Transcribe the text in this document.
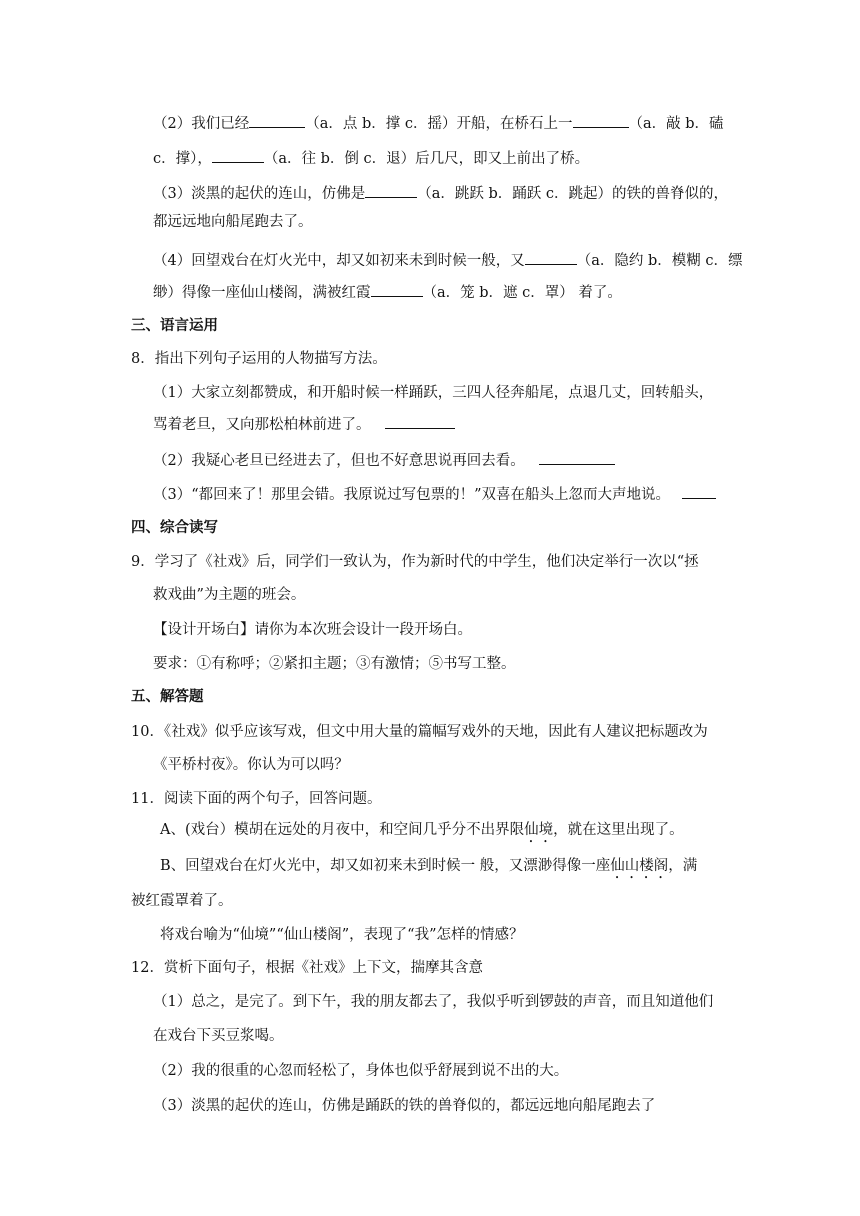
（2）我们已经	（a．点 b．撑 c．摇）开船，在桥石上一	（a．敲 b．磕
c．撑），	（a．往 b．倒 c．退）后几尺，即又上前出了桥。
（3）淡黑的起伏的连山，仿佛是	（a．跳跃 b．踊跃 c．跳起）的铁的兽脊似的，
都远远地向船尾跑去了。
（4）回望戏台在灯火光中，却又如初来未到时候一般，又	（a．隐约 b．模糊 c．缥
缈）得像一座仙山楼阁，满被红霞	（a．笼 b．遮 c．罩） 着了。
三、语言运用
8．指出下列句子运用的人物描写方法。
（1）大家立刻都赞成，和开船时候一样踊跃，三四人径奔船尾，点退几丈，回转船头，
骂着老旦，又向那松柏林前进了。
（2）我疑心老旦已经进去了，但也不好意思说再回去看。
（3）“都回来了！那里会错。我原说过写包票的！”双喜在船头上忽而大声地说。
四、综合读写
9．学习了《社戏》后，同学们一致认为，作为新时代的中学生，他们决定举行一次以“拯
救戏曲”为主题的班会。
【设计开场白】请你为本次班会设计一段开场白。
要求：①有称呼；②紧扣主题；③有激情；⑤书写工整。
五、解答题
10．《社戏》似乎应该写戏，但文中用大量的篇幅写戏外的天地，因此有人建议把标题改为
《平桥村夜》。你认为可以吗？
11．阅读下面的两个句子，回答问题。
A、(戏台）模胡在远处的月夜中，和空间几乎分不出界限仙境，就在这里出现了。
B、回望戏台在灯火光中，却又如初来未到时候一 般，又漂渺得像一座仙山楼阁，满
被红霞罩着了。
将戏台喻为“仙境”“仙山楼阁”，表现了“我”怎样的情感？
12．赏析下面句子，根据《社戏》上下文，揣摩其含意
（1）总之，是完了。到下午，我的朋友都去了，我似乎听到锣鼓的声音，而且知道他们
在戏台下买豆浆喝。
（2）我的很重的心忽而轻松了，身体也似乎舒展到说不出的大。
（3）淡黑的起伏的连山，仿佛是踊跃的铁的兽脊似的，都远远地向船尾跑去了
